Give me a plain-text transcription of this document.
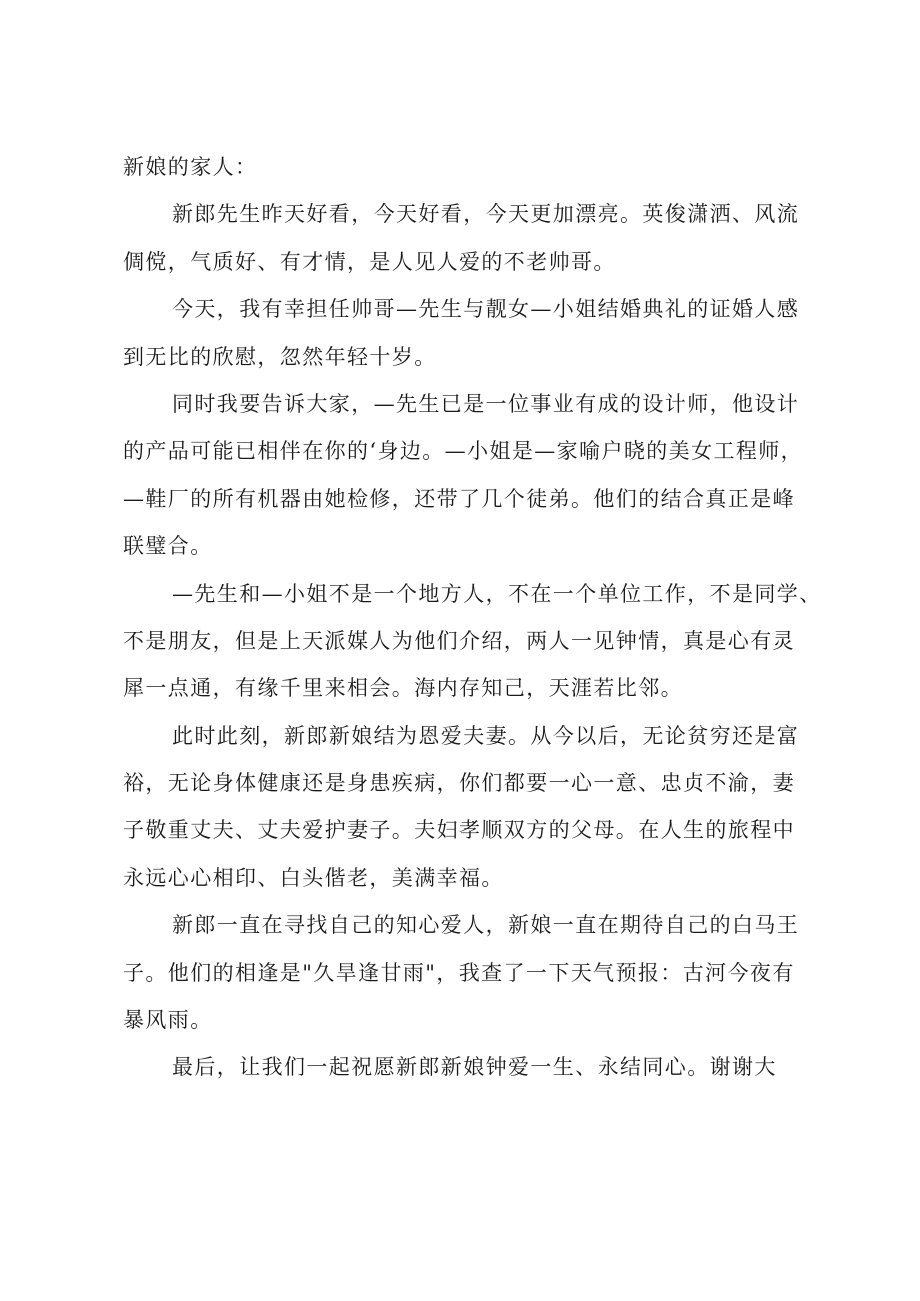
新娘的家人：
新郎先生昨天好看，今天好看，今天更加漂亮。英俊潇洒、风流
倜傥，气质好、有才情，是人见人爱的不老帅哥。
今天，我有幸担任帅哥—先生与靓女—小姐结婚典礼的证婚人感
到无比的欣慰，忽然年轻十岁。
同时我要告诉大家，—先生已是一位事业有成的设计师，他设计
的产品可能已相伴在你的‘身边。—小姐是—家喻户晓的美女工程师，
—鞋厂的所有机器由她检修，还带了几个徒弟。他们的结合真正是峰
联璧合。
—先生和—小姐不是一个地方人，不在一个单位工作，不是同学、
不是朋友，但是上天派媒人为他们介绍，两人一见钟情，真是心有灵
犀一点通，有缘千里来相会。海内存知己，天涯若比邻。
此时此刻，新郎新娘结为恩爱夫妻。从今以后，无论贫穷还是富
裕，无论身体健康还是身患疾病，你们都要一心一意、忠贞不渝，妻
子敬重丈夫、丈夫爱护妻子。夫妇孝顺双方的父母。在人生的旅程中
永远心心相印、白头偕老，美满幸福。
新郎一直在寻找自己的知心爱人，新娘一直在期待自己的白马王
子。他们的相逢是"久旱逢甘雨"，我查了一下天气预报：古河今夜有
暴风雨。
最后，让我们一起祝愿新郎新娘钟爱一生、永结同心。谢谢大
